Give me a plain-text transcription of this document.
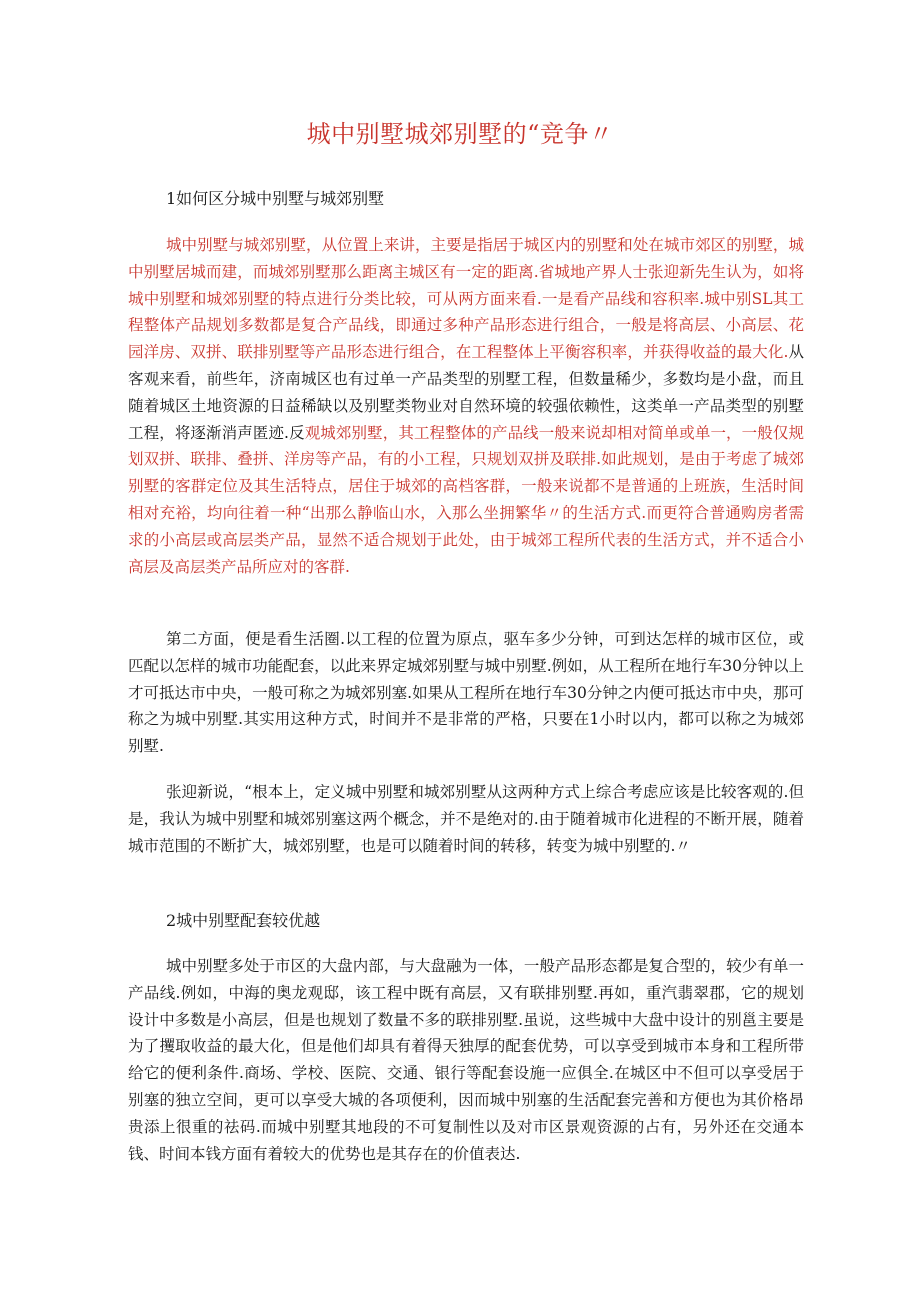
城中别墅城郊别墅的“竞争〃

1如何区分城中别墅与城郊别墅

城中别墅与城郊别墅，从位置上来讲，主要是指居于城区内的别墅和处在城市郊区的别墅，城中别墅居城而建，而城郊别墅那么距离主城区有一定的距离.省城地产界人士张迎新先生认为，如将城中别墅和城郊别墅的特点进行分类比较，可从两方面来看.一是看产品线和容积率.城中别SL其工程整体产品规划多数都是复合产品线，即通过多种产品形态进行组合，一般是将高层、小高层、花园洋房、双拼、联排别墅等产品形态进行组合，在工程整体上平衡容积率，并获得收益的最大化.从客观来看，前些年，济南城区也有过单一产品类型的别墅工程，但数量稀少，多数均是小盘，而且随着城区土地资源的日益稀缺以及别墅类物业对自然环境的较强依赖性，这类单一产品类型的别墅工程，将逐渐消声匿迹.反观城郊别墅，其工程整体的产品线一般来说却相对简单或单一，一般仅规划双拼、联排、叠拼、洋房等产品，有的小工程，只规划双拼及联排.如此规划，是由于考虑了城郊别墅的客群定位及其生活特点，居住于城郊的高档客群，一般来说都不是普通的上班族，生活时间相对充裕，均向往着一种“出那么静临山水，入那么坐拥繁华〃的生活方式.而更符合普通购房者需求的小高层或高层类产品，显然不适合规划于此处，由于城郊工程所代表的生活方式，并不适合小高层及高层类产品所应对的客群.

第二方面，便是看生活圈.以工程的位置为原点，驱车多少分钟，可到达怎样的城市区位，或匹配以怎样的城市功能配套，以此来界定城郊别墅与城中别墅.例如，从工程所在地行车30分钟以上才可抵达市中央，一般可称之为城郊别塞.如果从工程所在地行车30分钟之内便可抵达市中央，那可称之为城中别墅.其实用这种方式，时间并不是非常的严格，只要在1小时以内，都可以称之为城郊别墅.

张迎新说，“根本上，定义城中别墅和城郊别墅从这两种方式上综合考虑应该是比较客观的.但是，我认为城中别墅和城郊别塞这两个概念，并不是绝对的.由于随着城市化进程的不断开展，随着城市范围的不断扩大，城郊别墅，也是可以随着时间的转移，转变为城中别墅的.〃

2城中别墅配套较优越

城中别墅多处于市区的大盘内部，与大盘融为一体，一般产品形态都是复合型的，较少有单一产品线.例如，中海的奥龙观邸，该工程中既有高层，又有联排别墅.再如，重汽翡翠郡，它的规划设计中多数是小高层，但是也规划了数量不多的联排别墅.虽说，这些城中大盘中设计的别邕主要是为了攫取收益的最大化，但是他们却具有着得天独厚的配套优势，可以享受到城市本身和工程所带给它的便利条件.商场、学校、医院、交通、银行等配套设施一应俱全.在城区中不但可以享受居于别塞的独立空间，更可以享受大城的各项便利，因而城中别塞的生活配套完善和方便也为其价格昂贵添上很重的祛码.而城中别墅其地段的不可复制性以及对市区景观资源的占有，另外还在交通本钱、时间本钱方面有着较大的优势也是其存在的价值表达.
